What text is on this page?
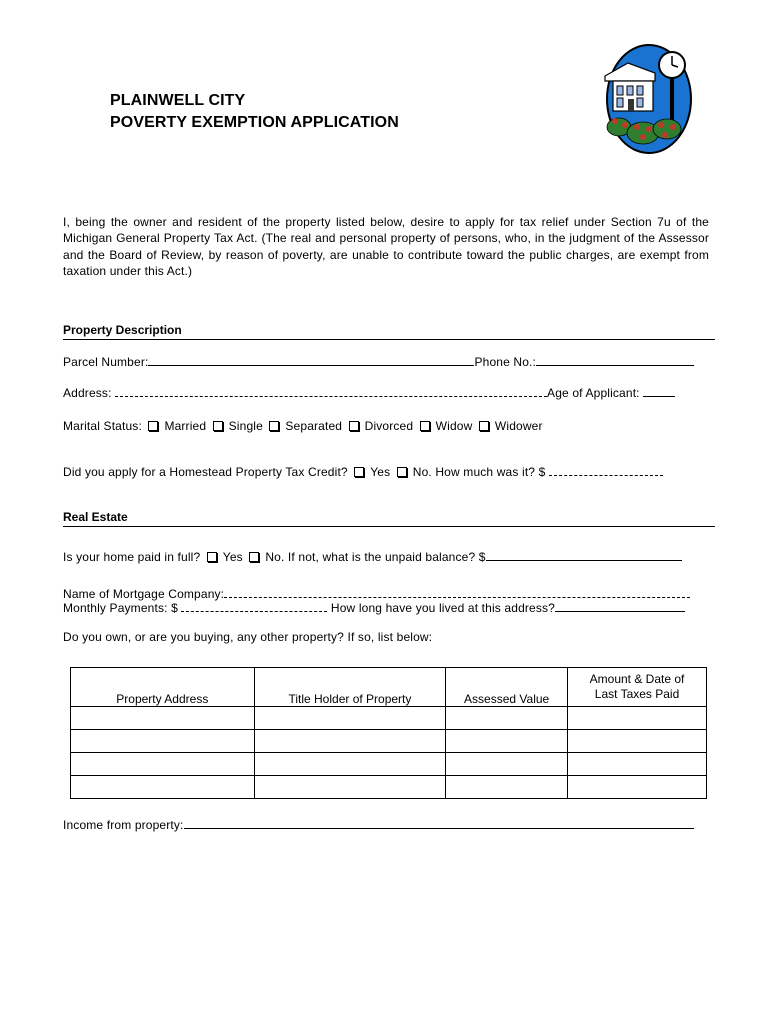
PLAINWELL CITY
POVERTY EXEMPTION APPLICATION
I, being the owner and resident of the property listed below, desire to apply for tax relief under Section 7u of the Michigan General Property Tax Act. (The real and personal property of persons, who, in the judgment of the Assessor and the Board of Review, by reason of poverty, are unable to contribute toward the public charges, are exempt from taxation under this Act.)
Property Description
Parcel Number:	Phone No.:
Address:	Age of Applicant:
Marital Status: Married Single Separated Divorced Widow Widower
Did you apply for a Homestead Property Tax Credit? Yes No. How much was it? $
Real Estate
Is your home paid in full? Yes No. If not, what is the unpaid balance? $
Name of Mortgage Company:
Monthly Payments: $	How long have you lived at this address?
Do you own, or are you buying, any other property? If so, list below:
Property Address	Title Holder of Property	Assessed Value	Amount & Date of Last Taxes Paid

Income from property:
